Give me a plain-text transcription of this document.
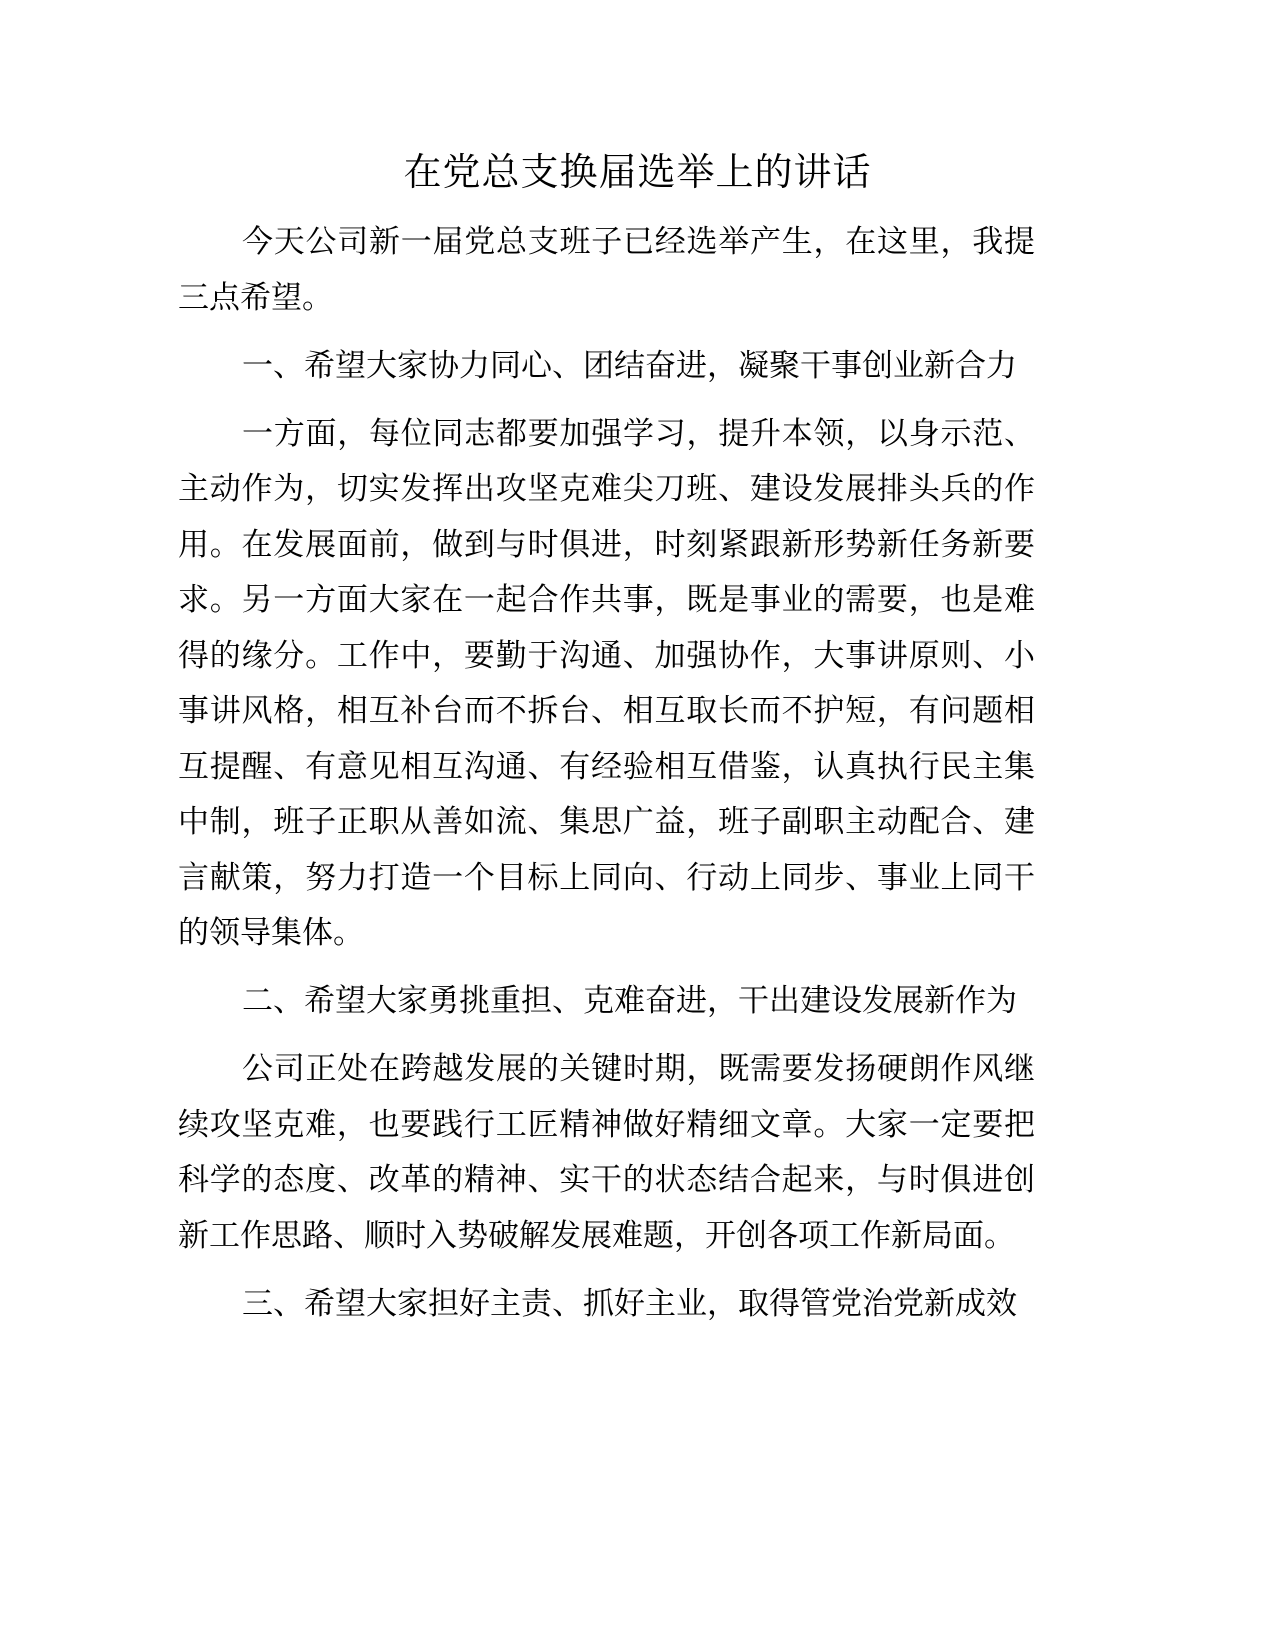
在党总支换届选举上的讲话
今天公司新一届党总支班子已经选举产生，在这里，我提
三点希望。
一、希望大家协力同心、团结奋进，凝聚干事创业新合力
一方面，每位同志都要加强学习，提升本领，以身示范、
主动作为，切实发挥出攻坚克难尖刀班、建设发展排头兵的作
用。在发展面前，做到与时俱进，时刻紧跟新形势新任务新要
求。另一方面大家在一起合作共事，既是事业的需要，也是难
得的缘分。工作中，要勤于沟通、加强协作，大事讲原则、小
事讲风格，相互补台而不拆台、相互取长而不护短，有问题相
互提醒、有意见相互沟通、有经验相互借鉴，认真执行民主集
中制，班子正职从善如流、集思广益，班子副职主动配合、建
言献策，努力打造一个目标上同向、行动上同步、事业上同干
的领导集体。
二、希望大家勇挑重担、克难奋进，干出建设发展新作为
公司正处在跨越发展的关键时期，既需要发扬硬朗作风继
续攻坚克难，也要践行工匠精神做好精细文章。大家一定要把
科学的态度、改革的精神、实干的状态结合起来，与时俱进创
新工作思路、顺时入势破解发展难题，开创各项工作新局面。
三、希望大家担好主责、抓好主业，取得管党治党新成效
